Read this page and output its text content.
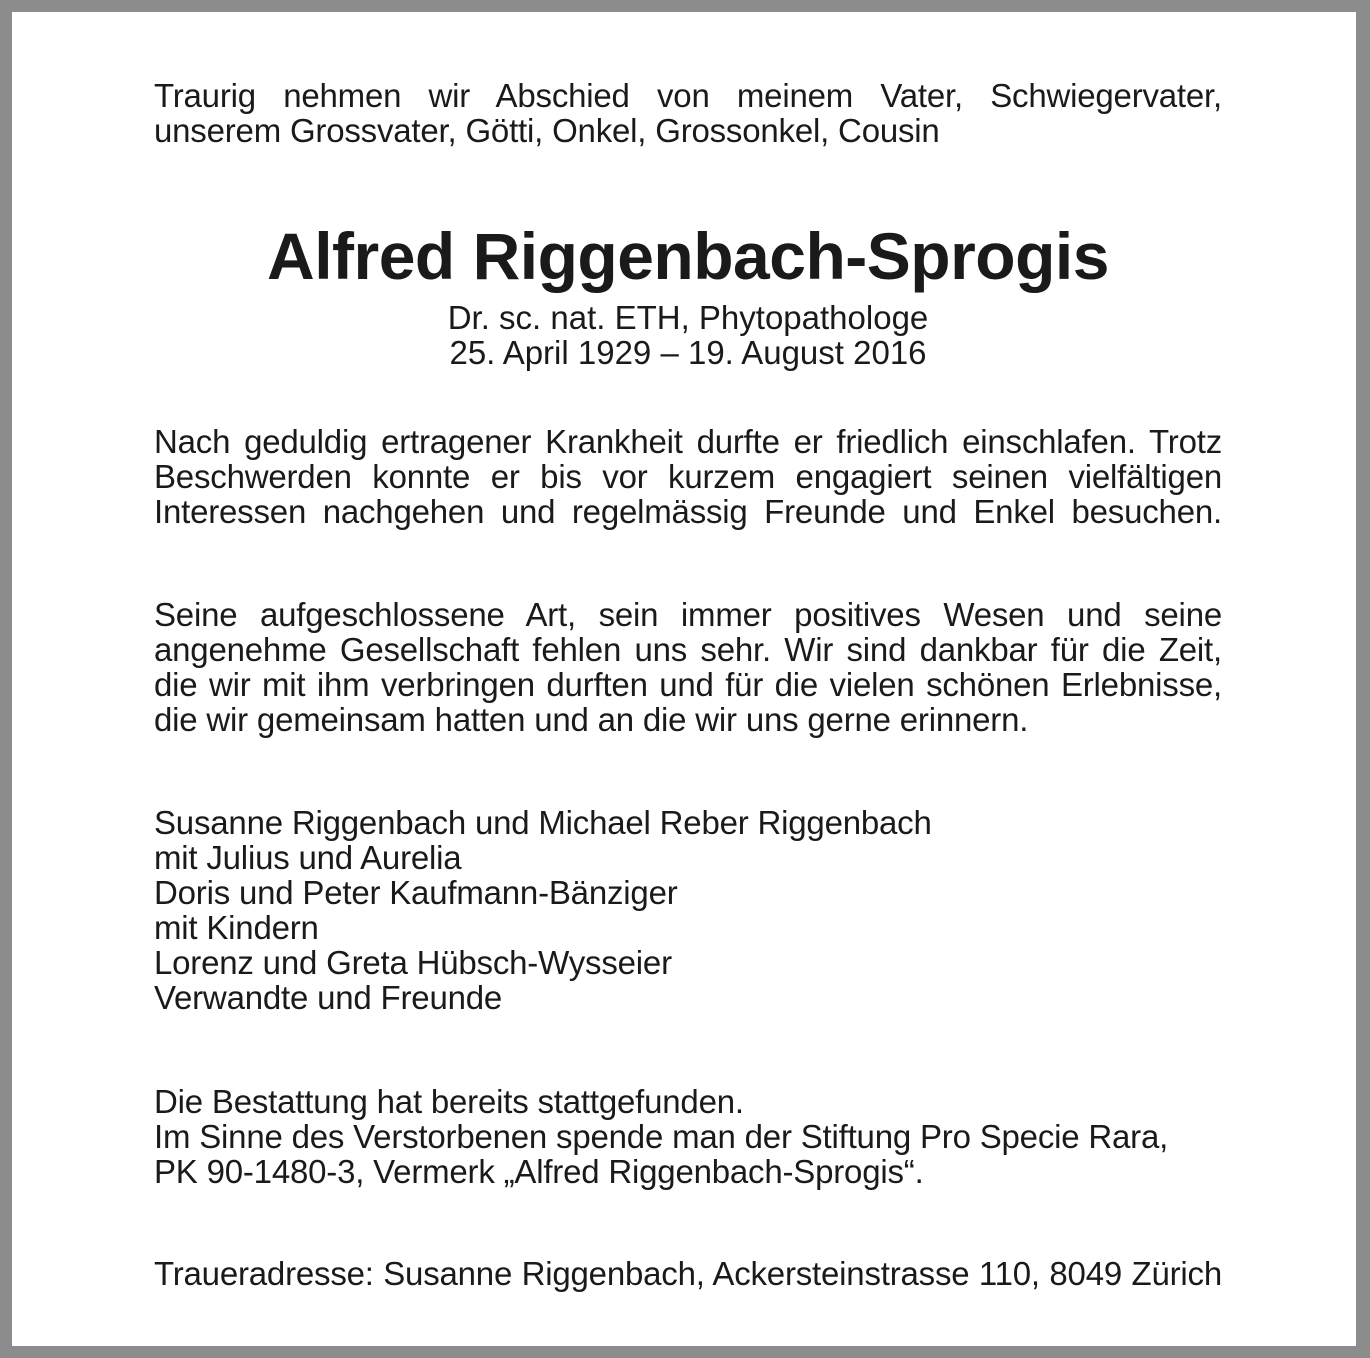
Traurig nehmen wir Abschied von meinem Vater, Schwiegervater,
unserem Grossvater, Götti, Onkel, Grossonkel, Cousin
Alfred Riggenbach-Sprogis
Dr. sc. nat. ETH, Phytopathologe
25. April 1929 – 19. August 2016
Nach geduldig ertragener Krankheit durfte er friedlich einschlafen. Trotz
Beschwerden konnte er bis vor kurzem engagiert seinen vielfältigen
Interessen nachgehen und regelmässig Freunde und Enkel besuchen.
Seine aufgeschlossene Art, sein immer positives Wesen und seine
angenehme Gesellschaft fehlen uns sehr. Wir sind dankbar für die Zeit,
die wir mit ihm verbringen durften und für die vielen schönen Erlebnisse,
die wir gemeinsam hatten und an die wir uns gerne erinnern.
Susanne Riggenbach und Michael Reber Riggenbach
mit Julius und Aurelia
Doris und Peter Kaufmann-Bänziger
mit Kindern
Lorenz und Greta Hübsch-Wysseier
Verwandte und Freunde
Die Bestattung hat bereits stattgefunden.
Im Sinne des Verstorbenen spende man der Stiftung Pro Specie Rara,
PK 90-1480-3, Vermerk „Alfred Riggenbach-Sprogis“.
Traueradresse: Susanne Riggenbach, Ackersteinstrasse 110, 8049 Zürich
